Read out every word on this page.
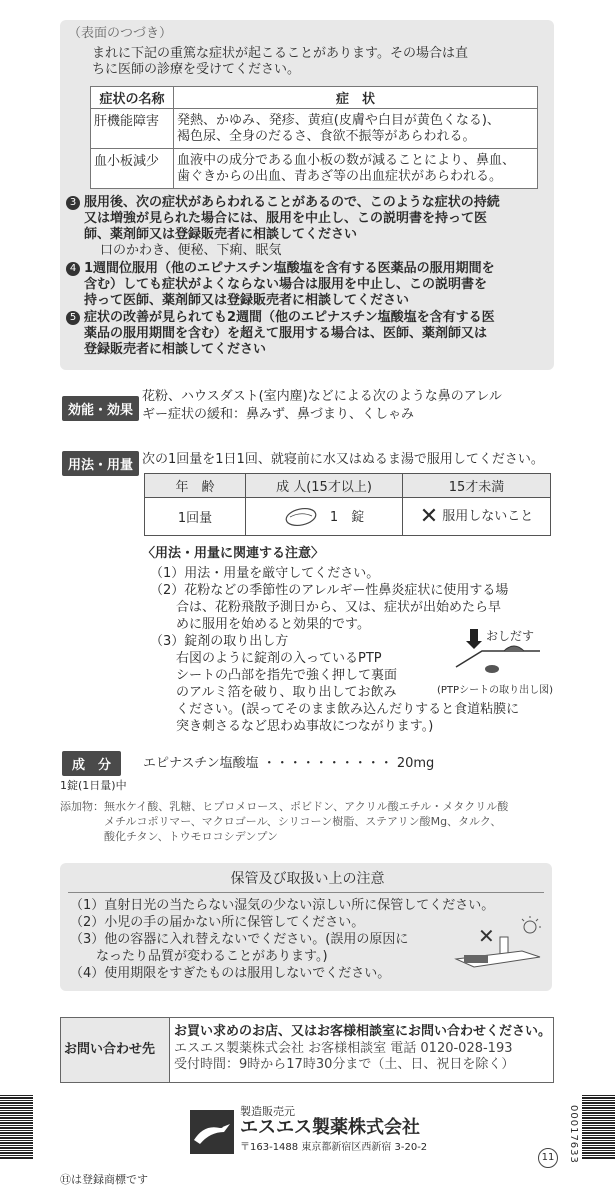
（表面のつづき）
まれに下記の重篤な症状が起こることがあります。その場合は直
ちに医師の診療を受けてください。
症状の名称	症　状
肝機能障害	発熱、かゆみ、発疹、黄疸(皮膚や白目が黄色くなる)、
褐色尿、全身のだるさ、食欲不振等があらわれる。

血小板減少	血液中の成分である血小板の数が減ることにより、鼻血、
歯ぐきからの出血、青あざ等の出血症状があらわれる。
3 服用後、次の症状があらわれることがあるので、このような症状の持続
又は増強が見られた場合には、服用を中止し、この説明書を持って医
師、薬剤師又は登録販売者に相談してください
口のかわき、便秘、下痢、眠気
4 1週間位服用（他のエピナスチン塩酸塩を含有する医薬品の服用期間を
含む）しても症状がよくならない場合は服用を中止し、この説明書を
持って医師、薬剤師又は登録販売者に相談してください
5 症状の改善が見られても2週間（他のエピナスチン塩酸塩を含有する医
薬品の服用期間を含む）を超えて服用する場合は、医師、薬剤師又は
登録販売者に相談してください
効能・効果
花粉、ハウスダスト(室内塵)などによる次のような鼻のアレル
ギー症状の緩和：鼻みず、鼻づまり、くしゃみ
用法・用量 次の1回量を1日1回、就寝前に水又はぬるま湯で服用してください。
年　齢	成 人(15才以上)	15才未満
1回量	1　錠	✕ 服用しないこと
〈用法・用量に関連する注意〉
（1）用法・用量を厳守してください。
（2）花粉などの季節性のアレルギー性鼻炎症状に使用する場
　　合は、花粉飛散予測日から、又は、症状が出始めたら早
　　めに服用を始めると効果的です。
（3）錠剤の取り出し方
　　右図のように錠剤の入っているPTP
　　シートの凸部を指先で強く押して裏面
　　のアルミ箔を破り、取り出してお飲み
　　ください。(誤ってそのまま飲み込んだりすると食道粘膜に
　　突き刺さるなど思わぬ事故につながります。)
おしだす
(PTPシートの取り出し図)
成　分	エピナスチン塩酸塩 ・・・・・・・・・・ 20mg
1錠(1日量)中
添加物：無水ケイ酸、乳糖、ヒプロメロース、ポビドン、アクリル酸エチル・メタクリル酸
　　　　メチルコポリマー、マクロゴール、シリコーン樹脂、ステアリン酸Mg、タルク、
　　　　酸化チタン、トウモロコシデンプン
保管及び取扱い上の注意
（1）直射日光の当たらない湿気の少ない涼しい所に保管してください。
（2）小児の手の届かない所に保管してください。
（3）他の容器に入れ替えないでください。(誤用の原因に
　　なったり品質が変わることがあります。)
（4）使用期限をすぎたものは服用しないでください。
✕
お問い合わせ先
お買い求めのお店、又はお客様相談室にお問い合わせください。
エスエス製薬株式会社 お客様相談室 電話 0120-028-193
受付時間：9時から17時30分まで（土、日、祝日を除く）
00017633
製造販売元
エスエス製薬株式会社
〒163-1488 東京都新宿区西新宿 3-20-2
11
Ⓗは登録商標です
